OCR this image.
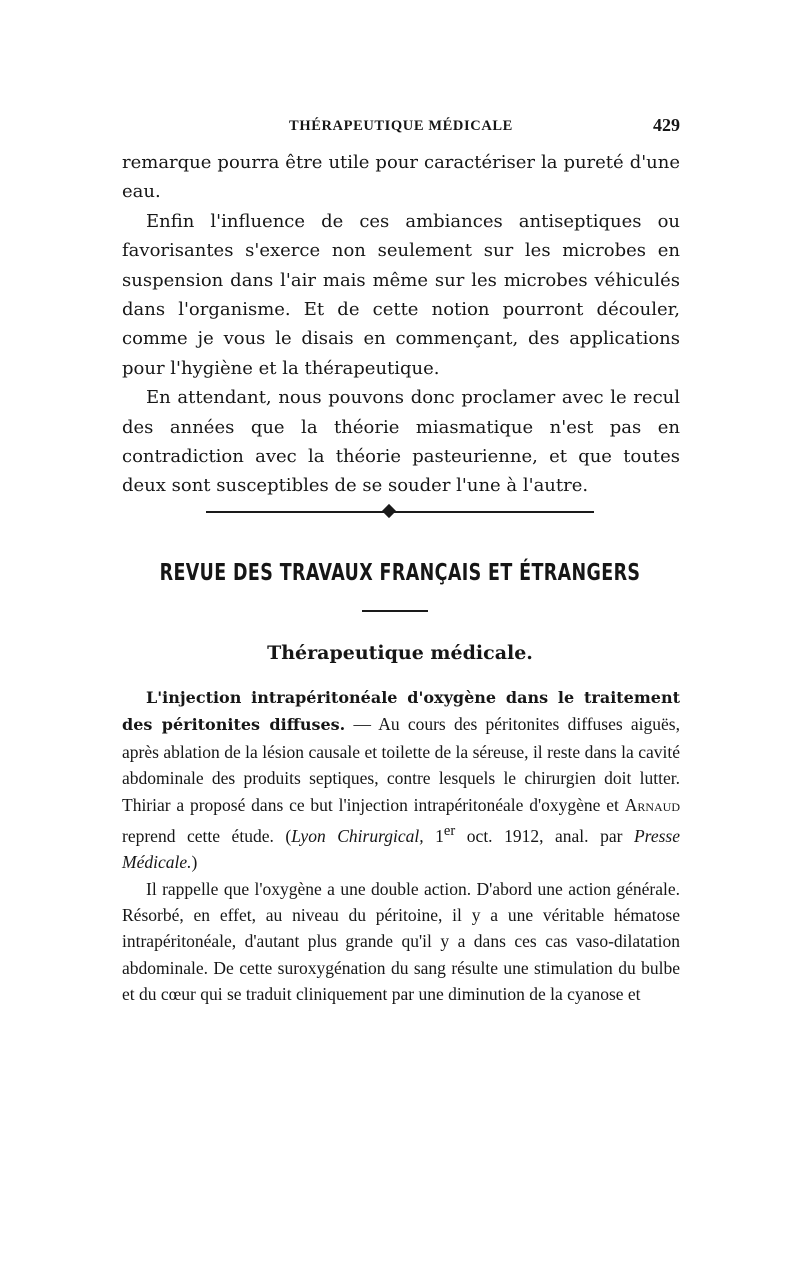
THÉRAPEUTIQUE MÉDICALE	429

remarque pourra être utile pour caractériser la pureté d'une eau.

Enfin l'influence de ces ambiances antiseptiques ou favorisantes s'exerce non seulement sur les microbes en suspension dans l'air mais même sur les microbes véhiculés dans l'organisme. Et de cette notion pourront découler, comme je vous le disais en commençant, des applications pour l'hygiène et la thérapeutique.

En attendant, nous pouvons donc proclamer avec le recul des années que la théorie miasmatique n'est pas en contradiction avec la théorie pasteurienne, et que toutes deux sont susceptibles de se souder l'une à l'autre.

REVUE DES TRAVAUX FRANÇAIS ET ÉTRANGERS
Thérapeutique médicale.

L'injection intrapéritonéale d'oxygène dans le traitement des péritonites diffuses. — Au cours des péritonites diffuses aiguës, après ablation de la lésion causale et toilette de la séreuse, il reste dans la cavité abdominale des produits septiques, contre lesquels le chirurgien doit lutter. Thiriar a proposé dans ce but l'injection intrapéritonéale d'oxygène et Arnaud reprend cette étude. (Lyon Chirurgical, 1er oct. 1912, anal. par Presse Médicale.)

Il rappelle que l'oxygène a une double action. D'abord une action générale. Résorbé, en effet, au niveau du péritoine, il y a une véritable hématose intrapéritonéale, d'autant plus grande qu'il y a dans ces cas vaso-dilatation abdominale. De cette suroxygénation du sang résulte une stimulation du bulbe et du cœur qui se traduit cliniquement par une diminution de la cyanose et
